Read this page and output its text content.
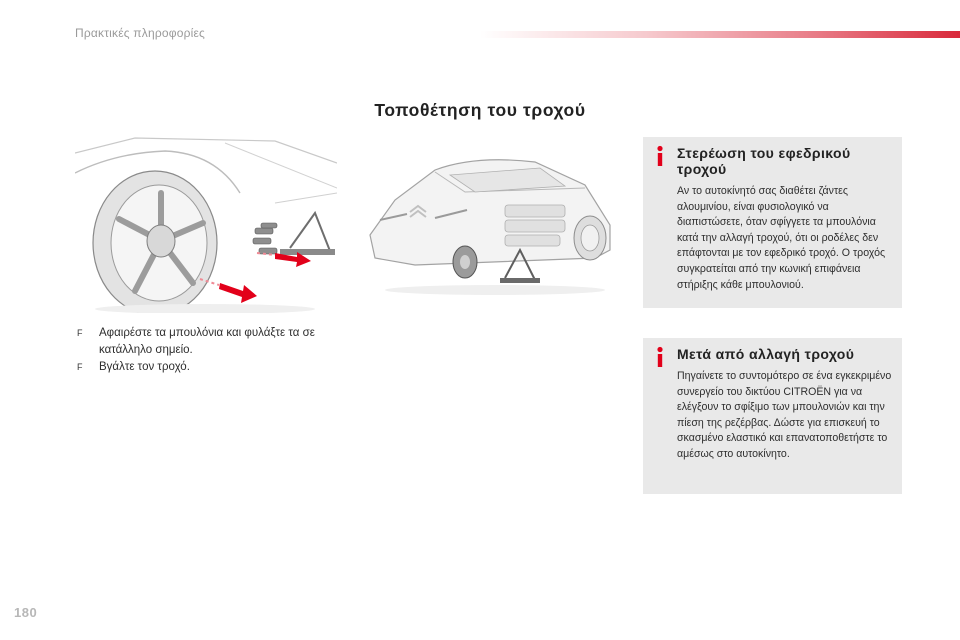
Πρακτικές πληροφορίες
Τοποθέτηση του τροχού
F Αφαιρέστε τα μπουλόνια και φυλάξτε τα σε κατάλληλο σημείο.
F Βγάλτε τον τροχό.
Στερέωση του εφεδρικού τροχού

Αν το αυτοκίνητό σας διαθέτει ζάντες αλουμινίου, είναι φυσιολογικό να διαπιστώσετε, όταν σφίγγετε τα μπουλόνια κατά την αλλαγή τροχού, ότι οι ροδέλες δεν επάφτονται με τον εφεδρικό τροχό. Ο τροχός συγκρατείται από την κωνική επιφάνεια στήριξης κάθε μπουλονιού.

Μετά από αλλαγή τροχού

Πηγαίνετε το συντομότερο σε ένα εγκεκριμένο συνεργείο του δικτύου CITROËN για να ελέγξουν το σφίξιμο των μπουλονιών και την πίεση της ρεζέρβας. Δώστε για επισκευή το σκασμένο ελαστικό και επανατοποθετήστε το αμέσως στο αυτοκίνητο.

180
